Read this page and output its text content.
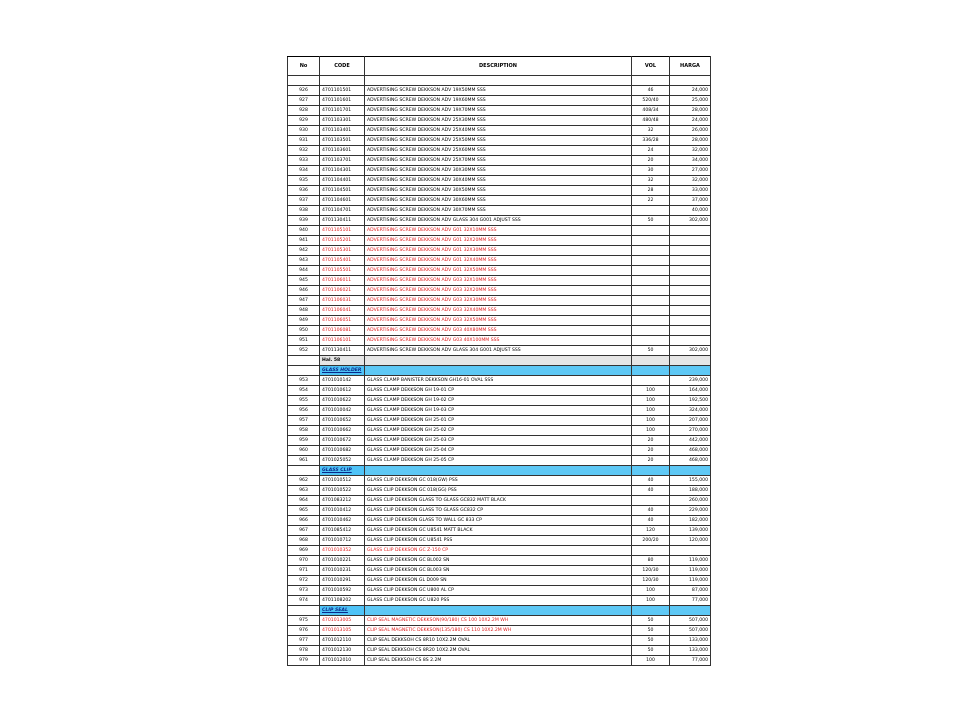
No	CODE	DESCRIPTION	VOL	HARGA

926	4701101501	ADVERTISING SCREW DEKKSON ADV 19X50MM SSS	46	24,000
927	4701101601	ADVERTISING SCREW DEKKSON ADV 19X60MM SSS	520/40	25,000
928	4701101701	ADVERTISING SCREW DEKKSON ADV 19X70MM SSS	408/34	28,000
929	4701103301	ADVERTISING SCREW DEKKSON ADV 25X30MM SSS	480/48	24,000
930	4701103401	ADVERTISING SCREW DEKKSON ADV 25X40MM SSS	32	26,000
931	4701103501	ADVERTISING SCREW DEKKSON ADV 25X50MM SSS	336/28	28,000
932	4701103601	ADVERTISING SCREW DEKKSON ADV 25X60MM SSS	24	32,000
933	4701103701	ADVERTISING SCREW DEKKSON ADV 25X70MM SSS	20	34,000
934	4701104301	ADVERTISING SCREW DEKKSON ADV 30X30MM SSS	30	27,000
935	4701104401	ADVERTISING SCREW DEKKSON ADV 30X40MM SSS	32	32,000
936	4701104501	ADVERTISING SCREW DEKKSON ADV 30X50MM SSS	28	33,000
937	4701104601	ADVERTISING SCREW DEKKSON ADV 30X60MM SSS	22	37,000
938	4701104701	ADVERTISING SCREW DEKKSON ADV 30X70MM SSS		40,000
939	4701130411	ADVERTISING SCREW DEKKSON ADV GLASS 304 G001 ADJUST SSS	50	302,000
940	4701105101	ADVERTISING SCREW DEKKSON ADV G01 32X10MM SSS		
941	4701105201	ADVERTISING SCREW DEKKSON ADV G01 32X20MM SSS		
942	4701105301	ADVERTISING SCREW DEKKSON ADV G01 32X30MM SSS		
943	4701105401	ADVERTISING SCREW DEKKSON ADV G01 32X40MM SSS		
944	4701105501	ADVERTISING SCREW DEKKSON ADV G01 32X50MM SSS		
945	4701106011	ADVERTISING SCREW DEKKSON ADV G03 32X10MM SSS		
946	4701106021	ADVERTISING SCREW DEKKSON ADV G03 32X20MM SSS		
947	4701106031	ADVERTISING SCREW DEKKSON ADV G03 32X30MM SSS		
948	4701106041	ADVERTISING SCREW DEKKSON ADV G03 32X40MM SSS		
949	4701106051	ADVERTISING SCREW DEKKSON ADV G03 32X50MM SSS		
950	4701106081	ADVERTISING SCREW DEKKSON ADV G03 40X80MM SSS		
951	4701106101	ADVERTISING SCREW DEKKSON ADV G03 40X100MM SSS		
952	4701130411	ADVERTISING SCREW DEKKSON ADV GLASS 304 G001 ADJUST SSS	50	302,000
	Hal. 58			
	GLASS HOLDER			
953	4701010142	GLASS CLAMP BANISTER DEKKSON GH16-01 OVAL SSS		239,000
954	4701010612	GLASS CLAMP DEKKSON GH 19-01 CP	100	164,000
955	4701010622	GLASS CLAMP DEKKSON GH 19-02 CP	100	192,500
956	4701010042	GLASS CLAMP DEKKSON GH 19-03 CP	100	324,000
957	4701010652	GLASS CLAMP DEKKSON GH 25-01 CP	100	207,000
958	4701010662	GLASS CLAMP DEKKSON GH 25-02 CP	100	270,000
959	4701010672	GLASS CLAMP DEKKSON GH 25-03 CP	20	442,000
960	4701010682	GLASS CLAMP DEKKSON GH 25-04 CP	20	468,000
961	4701025052	GLASS CLAMP DEKKSON GH 25-05 CP	20	468,000
	GLASS CLIP			
962	4701010512	GLASS CLIP DEKKSON GC 018(GW) PSS	40	155,000
963	4701010522	GLASS CLIP DEKKSON GC 018(GG) PSS	40	188,000
964	4701083212	GLASS CLIP DEKKSON GLASS TO GLASS GC832 MATT BLACK		260,000
965	4701010412	GLASS CLIP DEKKSON GLASS TO GLASS GC832 CP	40	229,000
966	4701010462	GLASS CLIP DEKKSON GLASS TO WALL GC 833 CP	40	182,000
967	4701085412	GLASS CLIP DEKKSON GC U8541 MATT BLACK	120	139,000
968	4701010712	GLASS CLIP DEKKSON GC U8541 PSS	200/20	120,000
969	4701010352	GLASS CLIP DEKKSON GC Z-150 CP		
970	4701010221	GLASS CLIP DEKKSON GC BL002 SN	80	119,000
971	4701010231	GLASS CLIP DEKKSON GC BL003 SN	120/30	119,000
972	4701010291	GLASS CLIP DEKKSON GL D009 SN	120/30	119,000
973	4701010592	GLASS CLIP DEKKSON GC U800 AL CP	100	87,000
974	4701108202	GLASS CLIP DEKKSON GC U820 PSS	100	77,000
	CLIP SEAL			
975	4701013005	CLIP SEAL MAGNETIC DEKKSON(90/180) CS 100 10X2.2M WH	50	507,000
976	4701013105	CLIP SEAL MAGNETIC DEKKSON(135/180) CS 110 10X2.2M WH	50	507,000
977	4701012110	CLIP SEAL DEKKSOH CS 8R10 10X2.2M OVAL	50	133,000
978	4701012130	CLIP SEAL DEKKSOH CS 8R20 10X2.2M OVAL	50	133,000
979	4701012010	CLIP SEAL DEKKSOH CS 8S 2.2M	100	77,000
